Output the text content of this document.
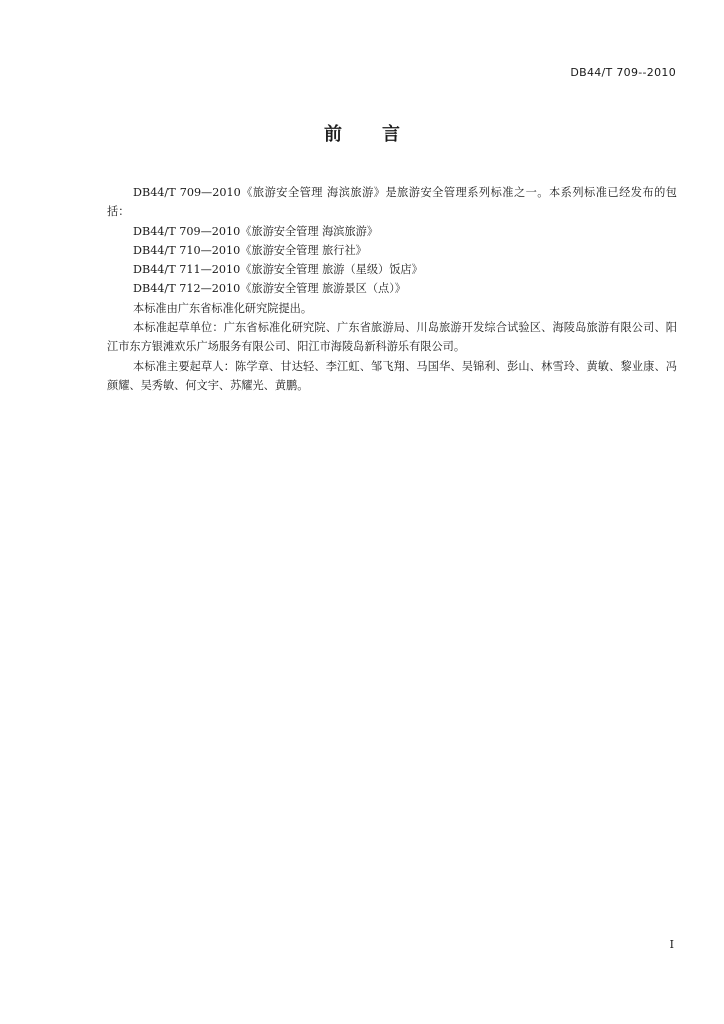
DB44/T 709--2010
前言

DB44/T 709—2010《旅游安全管理 海滨旅游》是旅游安全管理系列标准之一。本系列标准已经发布的包括：

DB44/T 709—2010《旅游安全管理 海滨旅游》

DB44/T 710—2010《旅游安全管理 旅行社》

DB44/T 711—2010《旅游安全管理 旅游（星级）饭店》

DB44/T 712—2010《旅游安全管理 旅游景区（点）》

本标准由广东省标准化研究院提出。

本标准起草单位：广东省标准化研究院、广东省旅游局、川岛旅游开发综合试验区、海陵岛旅游有限公司、阳江市东方银滩欢乐广场服务有限公司、阳江市海陵岛新科游乐有限公司。

本标准主要起草人：陈学章、甘达轻、李江虹、邹飞翔、马国华、吴锦利、彭山、林雪玲、黄敏、黎业康、冯颜耀、吴秀敏、何文宇、苏耀光、黄鹏。

I
